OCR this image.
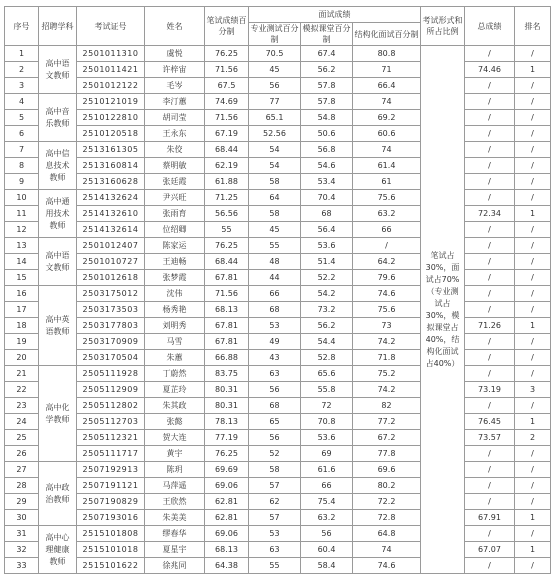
序号	招聘学科	考试证号	姓名	笔试成绩百分制	面试成绩			考试形式和所占比例	总成绩	排名
					专业测试百分制	模拟课堂百分制	结构化面试百分制			
1	高中语文教师	2501011310	虞悦	76.25	70.5	67.4	80.8	笔试占30%，面试占70%（专业测试占30%，模拟课堂占40%，结构化面试占40%）	/	/
2		2501011421	许梓宙	71.56	45	56.2	71		74.46	1
3		2501012122	毛岑	67.5	56	57.8	66.4		/	/
4	高中音乐教师	2510121019	李汀蕙	74.69	77	57.8	74		/	/
5		2510122810	胡司莹	71.56	65.1	54.8	69.2		/	/
6		2510120518	王永东	67.19	52.56	50.6	60.6		/	/
7	高中信息技术教师	2513161305	朱佼	68.44	54	56.8	74		/	/
8		2513160814	蔡明敏	62.19	54	54.6	61.4		/	/
9		2513160628	张廷霞	61.88	58	53.4	61		/	/
10	高中通用技术教师	2514132624	尹兴旺	71.25	64	70.4	75.6		/	/
11		2514132610	张雨育	56.56	58	68	63.2		72.34	1
12		2514132614	位绍卿	55	45	56.4	66		/	/
13	高中语文教师	2501012407	陈家运	76.25	55	53.6	/		/	/
14		2501010727	王迪畅	68.44	48	51.4	64.2		/	/
15		2501012618	张梦霞	67.81	44	52.2	79.6		/	/
16	高中英语教师	2503175012	沈伟	71.56	66	54.2	74.6		/	/
17		2503173503	杨秀艳	68.13	68	73.2	75.6		/	/
18		2503177803	刘明秀	67.81	53	56.2	73		71.26	1
19		2503170909	马雪	67.81	49	54.4	74.2		/	/
20		2503170504	朱蕙	66.88	43	52.8	71.8		/	/
21	高中化学教师	2505111928	丁蔚然	83.75	63	65.6	75.2		/	/
22		2505112909	夏芷玲	80.31	56	55.8	74.2		73.19	3
23		2505112802	朱其政	80.31	68	72	82		/	/
24		2505112703	张懿	78.13	65	70.8	77.2		76.45	1
25		2505112321	贺大连	77.19	56	53.6	67.2		73.57	2
26		2505111717	黄宇	76.25	52	69	77.8		/	/
27	高中政治教师	2507192913	陈玥	69.69	58	61.6	69.6		/	/
28		2507191121	马萍遥	69.06	57	66	80.2		/	/
29		2507190829	王欣然	62.81	62	75.4	72.2		/	/
30		2507193016	朱美美	62.81	57	63.2	72.8		67.91	1
31	高中心理健康教师	2515101808	缪春华	69.06	53	56	64.8		/	/
32		2515101018	夏星宇	68.13	63	60.4	74		67.07	1
33		2515101622	徐兆同	64.38	55	58.4	74.6		/	/
